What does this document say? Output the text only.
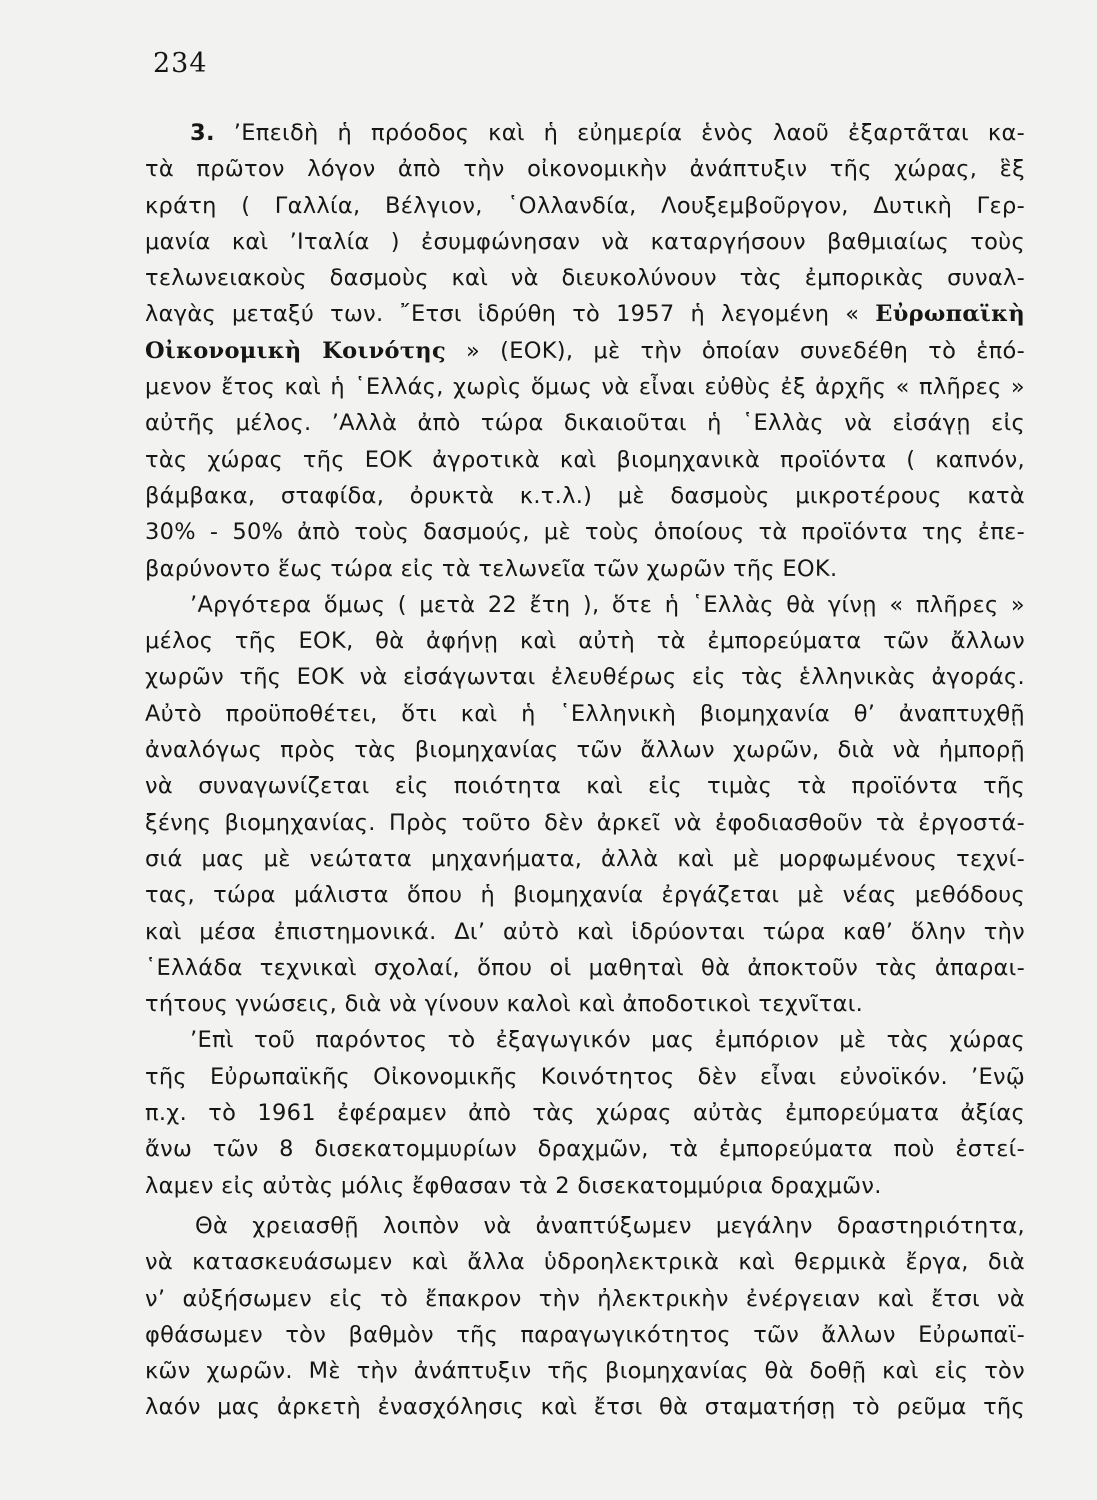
234
3. ’Επειδὴ ἡ πρόοδος καὶ ἡ εὐημερία ἑνὸς λαοῦ ἐξαρτᾶται κα-
τὰ πρῶτον λόγον ἀπὸ τὴν οἰκονομικὴν ἀνάπτυξιν τῆς χώρας, ἓξ
κράτη ( Γαλλία, Βέλγιον, ῾Ολλανδία, Λουξεμβοῦργον, Δυτικὴ Γερ-
μανία καὶ ’Ιταλία ) ἐσυμφώνησαν νὰ καταργήσουν βαθμιαίως τοὺς
τελωνειακοὺς δασμοὺς καὶ νὰ διευκολύνουν τὰς ἐμπορικὰς συναλ-
λαγὰς μεταξύ των. ῎Ετσι ἱδρύθη τὸ 1957 ἡ λεγομένη « Εὐρωπαϊκὴ
Οἰκονομικὴ Κοινότης » (ΕΟΚ), μὲ τὴν ὁποίαν συνεδέθη τὸ ἑπό-
μενον ἔτος καὶ ἡ ῾Ελλάς, χωρὶς ὅμως νὰ εἶναι εὐθὺς ἐξ ἀρχῆς « πλῆρες »
αὐτῆς μέλος. ’Αλλὰ ἀπὸ τώρα δικαιοῦται ἡ ῾Ελλὰς νὰ εἰσάγῃ εἰς
τὰς χώρας τῆς ΕΟΚ ἀγροτικὰ καὶ βιομηχανικὰ προϊόντα ( καπνόν,
βάμβακα, σταφίδα, ὀρυκτὰ κ.τ.λ.) μὲ δασμοὺς μικροτέρους κατὰ
30% - 50% ἀπὸ τοὺς δασμούς, μὲ τοὺς ὁποίους τὰ προϊόντα της ἐπε-
βαρύνοντο ἕως τώρα εἰς τὰ τελωνεῖα τῶν χωρῶν τῆς ΕΟΚ.
’Αργότερα ὅμως ( μετὰ 22 ἔτη ), ὅτε ἡ ῾Ελλὰς θὰ γίνῃ « πλῆρες »
μέλος τῆς ΕΟΚ, θὰ ἀφήνῃ καὶ αὐτὴ τὰ ἐμπορεύματα τῶν ἄλλων
χωρῶν τῆς ΕΟΚ νὰ εἰσάγωνται ἐλευθέρως εἰς τὰς ἑλληνικὰς ἀγοράς.
Αὐτὸ προϋποθέτει, ὅτι καὶ ἡ ῾Ελληνικὴ βιομηχανία θ’ ἀναπτυχθῇ
ἀναλόγως πρὸς τὰς βιομηχανίας τῶν ἄλλων χωρῶν, διὰ νὰ ἠμπορῇ
νὰ συναγωνίζεται εἰς ποιότητα καὶ εἰς τιμὰς τὰ προϊόντα τῆς
ξένης βιομηχανίας. Πρὸς τοῦτο δὲν ἀρκεῖ νὰ ἐφοδιασθοῦν τὰ ἐργοστά-
σιά μας μὲ νεώτατα μηχανήματα, ἀλλὰ καὶ μὲ μορφωμένους τεχνί-
τας, τώρα μάλιστα ὅπου ἡ βιομηχανία ἐργάζεται μὲ νέας μεθόδους
καὶ μέσα ἐπιστημονικά. Δι’ αὐτὸ καὶ ἱδρύονται τώρα καθ’ ὅλην τὴν
῾Ελλάδα τεχνικαὶ σχολαί, ὅπου οἱ μαθηταὶ θὰ ἀποκτοῦν τὰς ἀπαραι-
τήτους γνώσεις, διὰ νὰ γίνουν καλοὶ καὶ ἀποδοτικοὶ τεχνῖται.
’Επὶ τοῦ παρόντος τὸ ἐξαγωγικόν μας ἐμπόριον μὲ τὰς χώρας
τῆς Εὐρωπαϊκῆς Οἰκονομικῆς Κοινότητος δὲν εἶναι εὐνοϊκόν. ’Ενῷ
π.χ. τὸ 1961 ἐφέραμεν ἀπὸ τὰς χώρας αὐτὰς ἐμπορεύματα ἀξίας
ἄνω τῶν 8 δισεκατομμυρίων δραχμῶν, τὰ ἐμπορεύματα ποὺ ἐστεί-
λαμεν εἰς αὐτὰς μόλις ἔφθασαν τὰ 2 δισεκατομμύρια δραχμῶν.
Θὰ χρειασθῇ λοιπὸν νὰ ἀναπτύξωμεν μεγάλην δραστηριότητα,
νὰ κατασκευάσωμεν καὶ ἄλλα ὑδροηλεκτρικὰ καὶ θερμικὰ ἔργα, διὰ
ν’ αὐξήσωμεν εἰς τὸ ἔπακρον τὴν ἠλεκτρικὴν ἐνέργειαν καὶ ἔτσι νὰ
φθάσωμεν τὸν βαθμὸν τῆς παραγωγικότητος τῶν ἄλλων Εὐρωπαϊ-
κῶν χωρῶν. Μὲ τὴν ἀνάπτυξιν τῆς βιομηχανίας θὰ δοθῇ καὶ εἰς τὸν
λαόν μας ἀρκετὴ ἐνασχόλησις καὶ ἔτσι θὰ σταματήσῃ τὸ ρεῦμα τῆς
